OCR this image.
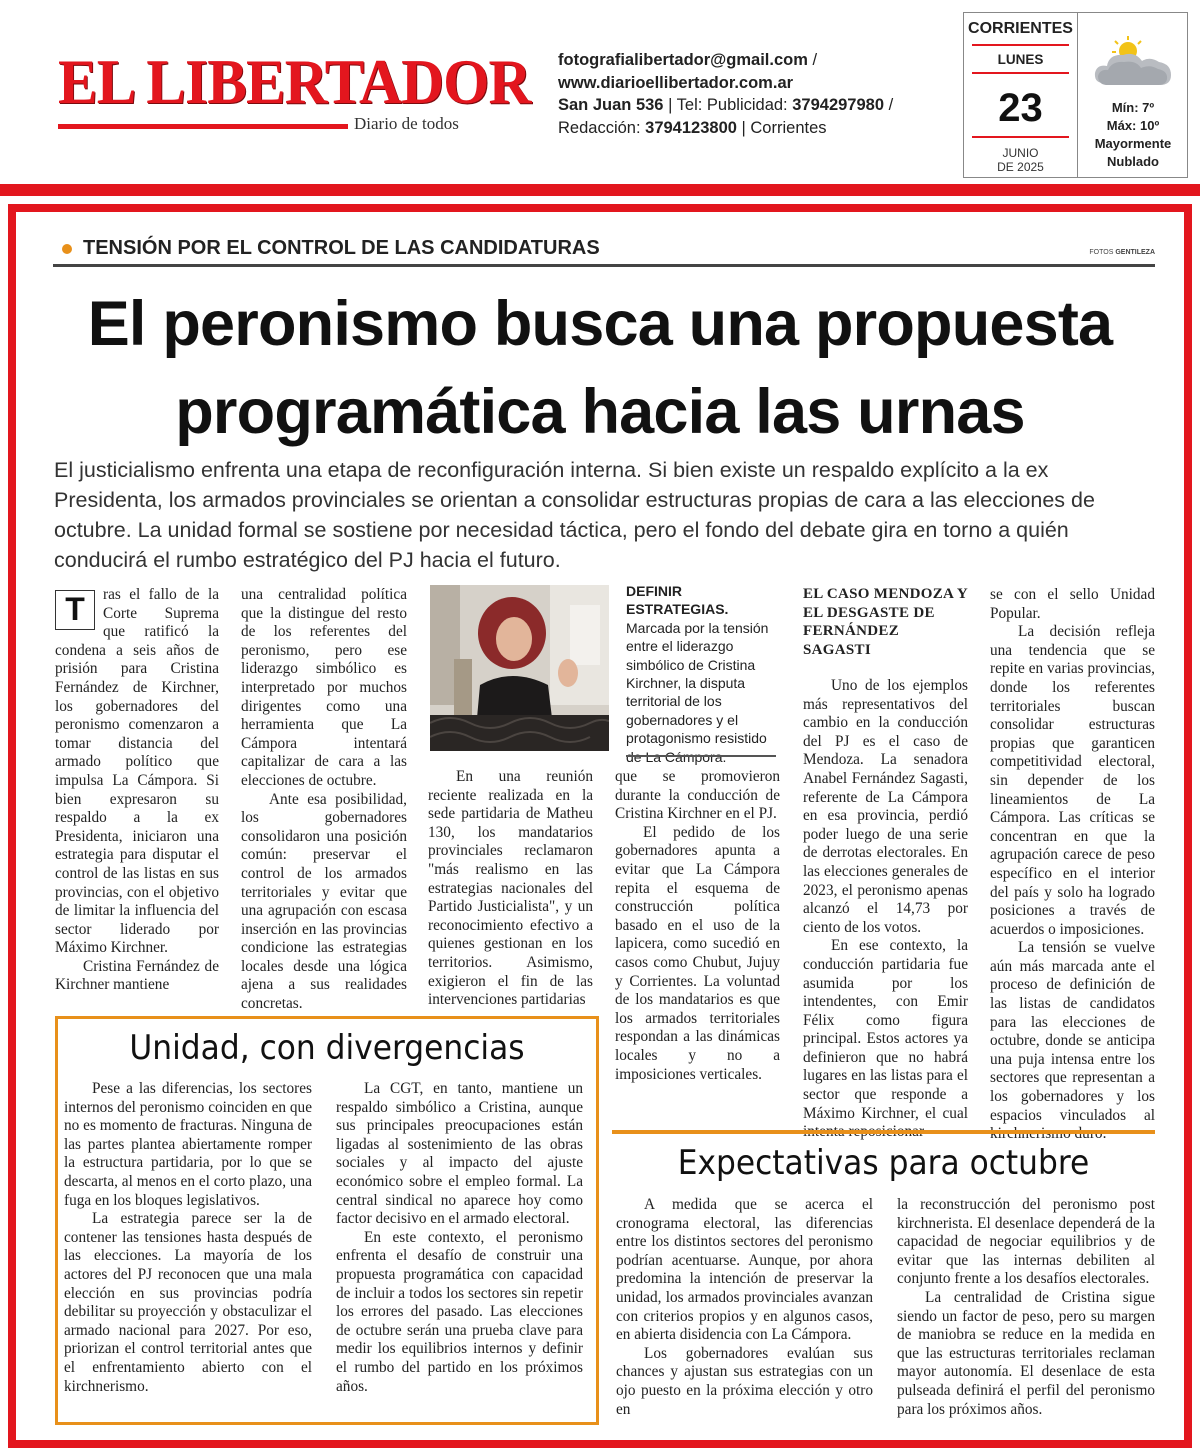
EL LIBERTADOR
Diario de todos
fotografialibertador@gmail.com /
www.diarioellibertador.com.ar
San Juan 536 | Tel: Publicidad: 3794297980 /
Redacción: 3794123800 | Corrientes
CORRIENTES
LUNES
23
JUNIO
DE 2025
Mín: 7º
Máx: 10º
Mayormente
Nublado
TENSIÓN POR EL CONTROL DE LAS CANDIDATURAS	FOTOS GENTILEZA
El peronismo busca una propuesta
programática hacia las urnas
El justicialismo enfrenta una etapa de reconfiguración interna. Si bien existe un respaldo explícito a la ex Presidenta, los armados provinciales se orientan a consolidar estructuras propias de cara a las elecciones de octubre. La unidad formal se sostiene por necesidad táctica, pero el fondo del debate gira en torno a quién conducirá el rumbo estratégico del PJ hacia el futuro.
T	ras el fallo de la Corte Suprema que ratificó la condena a seis años de prisión para Cristina Fernández de Kirchner, los gobernadores del peronismo comenzaron a tomar distancia del armado político que impulsa La Cámpora. Si bien expresaron su respaldo a la ex Presidenta, iniciaron una estrategia para disputar el control de las listas en sus provincias, con el objetivo de limitar la influencia del sector liderado por Máximo Kirchner.

Cristina Fernández de Kirchner mantiene

una centralidad política que la distingue del resto de los referentes del peronismo, pero ese liderazgo simbólico es interpretado por muchos dirigentes como una herramienta que La Cámpora intentará capitalizar de cara a las elecciones de octubre.

Ante esa posibilidad, los gobernadores consolidaron una posición común: preservar el control de los armados territoriales y evitar que una agrupación con escasa inserción en las provincias condicione las estrategias locales desde una lógica ajena a sus realidades concretas.

DEFINIR ESTRATEGIAS. Marcada por la tensión entre el liderazgo simbólico de Cristina Kirchner, la disputa territorial de los gobernadores y el protagonismo resistido

En una reunión reciente realizada en la sede partidaria de Matheu 130, los mandatarios provinciales reclamaron "más realismo en las estrategias nacionales del Partido Justicialista", y un reconocimiento efectivo a quienes gestionan en los territorios. Asimismo, exigieron el fin de las intervenciones partidarias

que se promovieron durante la conducción de Cristina Kirchner en el PJ.

El pedido de los gobernadores apunta a evitar que La Cámpora repita el esquema de construcción política basado en el uso de la lapicera, como sucedió en casos como Chubut, Jujuy y Corrientes. La voluntad de los mandatarios es que los armados territoriales respondan a las dinámicas locales y no a imposiciones verticales.

EL CASO MENDOZA Y EL DESGASTE DE FERNÁNDEZ SAGASTI

Uno de los ejemplos más representativos del cambio en la conducción del PJ es el caso de Mendoza. La senadora Anabel Fernández Sagasti, referente de La Cámpora en esa provincia, perdió poder luego de una serie de derrotas electorales. En las elecciones generales de 2023, el peronismo apenas alcanzó el 14,73 por ciento de los votos.

En ese contexto, la conducción partidaria fue asumida por los intendentes, con Emir Félix como figura principal. Estos actores ya definieron que no habrá lugares en las listas para el sector que responde a Máximo Kirchner, el cual

se con el sello Unidad Popular.

La decisión refleja una tendencia que se repite en varias provincias, donde los referentes territoriales buscan consolidar estructuras propias que garanticen competitividad electoral, sin depender de los lineamientos de La Cámpora. Las críticas se concentran en que la agrupación carece de peso específico en el interior del país y solo ha logrado posiciones a través de acuerdos o imposiciones.

La tensión se vuelve aún más marcada ante el proceso de definición de las listas de candidatos para las elecciones de octubre, donde se anticipa una puja intensa entre los sectores que representan a los gobernadores y los espacios vinculados al

Unidad, con divergencias

Pese a las diferencias, los sectores internos del peronismo coinciden en que no es momento de fracturas. Ninguna de las partes plantea abiertamente romper la estructura partidaria, por lo que se descarta, al menos en el corto plazo, una fuga en los bloques legislativos.

La estrategia parece ser la de contener las tensiones hasta después de las elecciones. La mayoría de los actores del PJ reconocen que una mala elección en sus provincias podría debilitar su proyección y obstaculizar el armado nacional para 2027. Por eso, priorizan el control territorial antes que el enfrentamiento abierto con el kirchnerismo.

La CGT, en tanto, mantiene un respaldo simbólico a Cristina, aunque sus principales preocupaciones están ligadas al sostenimiento de las obras sociales y al impacto del ajuste económico sobre el empleo formal. La central sindical no aparece hoy como factor decisivo en el armado electoral.

En este contexto, el peronismo enfrenta el desafío de construir una propuesta programática con capacidad de incluir a todos los sectores sin repetir los errores del pasado. Las elecciones de octubre serán una prueba clave para medir los equilibrios internos y definir el rumbo del partido en los próximos años.

Expectativas para octubre

A medida que se acerca el cronograma electoral, las diferencias entre los distintos sectores del peronismo podrían acentuarse. Aunque, por ahora predomina la intención de preservar la unidad, los armados provinciales avanzan con criterios propios y en algunos casos, en abierta disidencia con La Cámpora.

Los gobernadores evalúan sus chances y ajustan sus estrategias con un ojo puesto en la próxima elección y otro en

la reconstrucción del peronismo post kirchnerista. El desenlace dependerá de la capacidad de negociar equilibrios y de evitar que las internas debiliten al conjunto frente a los desafíos electorales.

La centralidad de Cristina sigue siendo un factor de peso, pero su margen de maniobra se reduce en la medida en que las estructuras territoriales reclaman mayor autonomía. El desenlace de esta pulseada definirá el perfil del peronismo para los próximos años.
